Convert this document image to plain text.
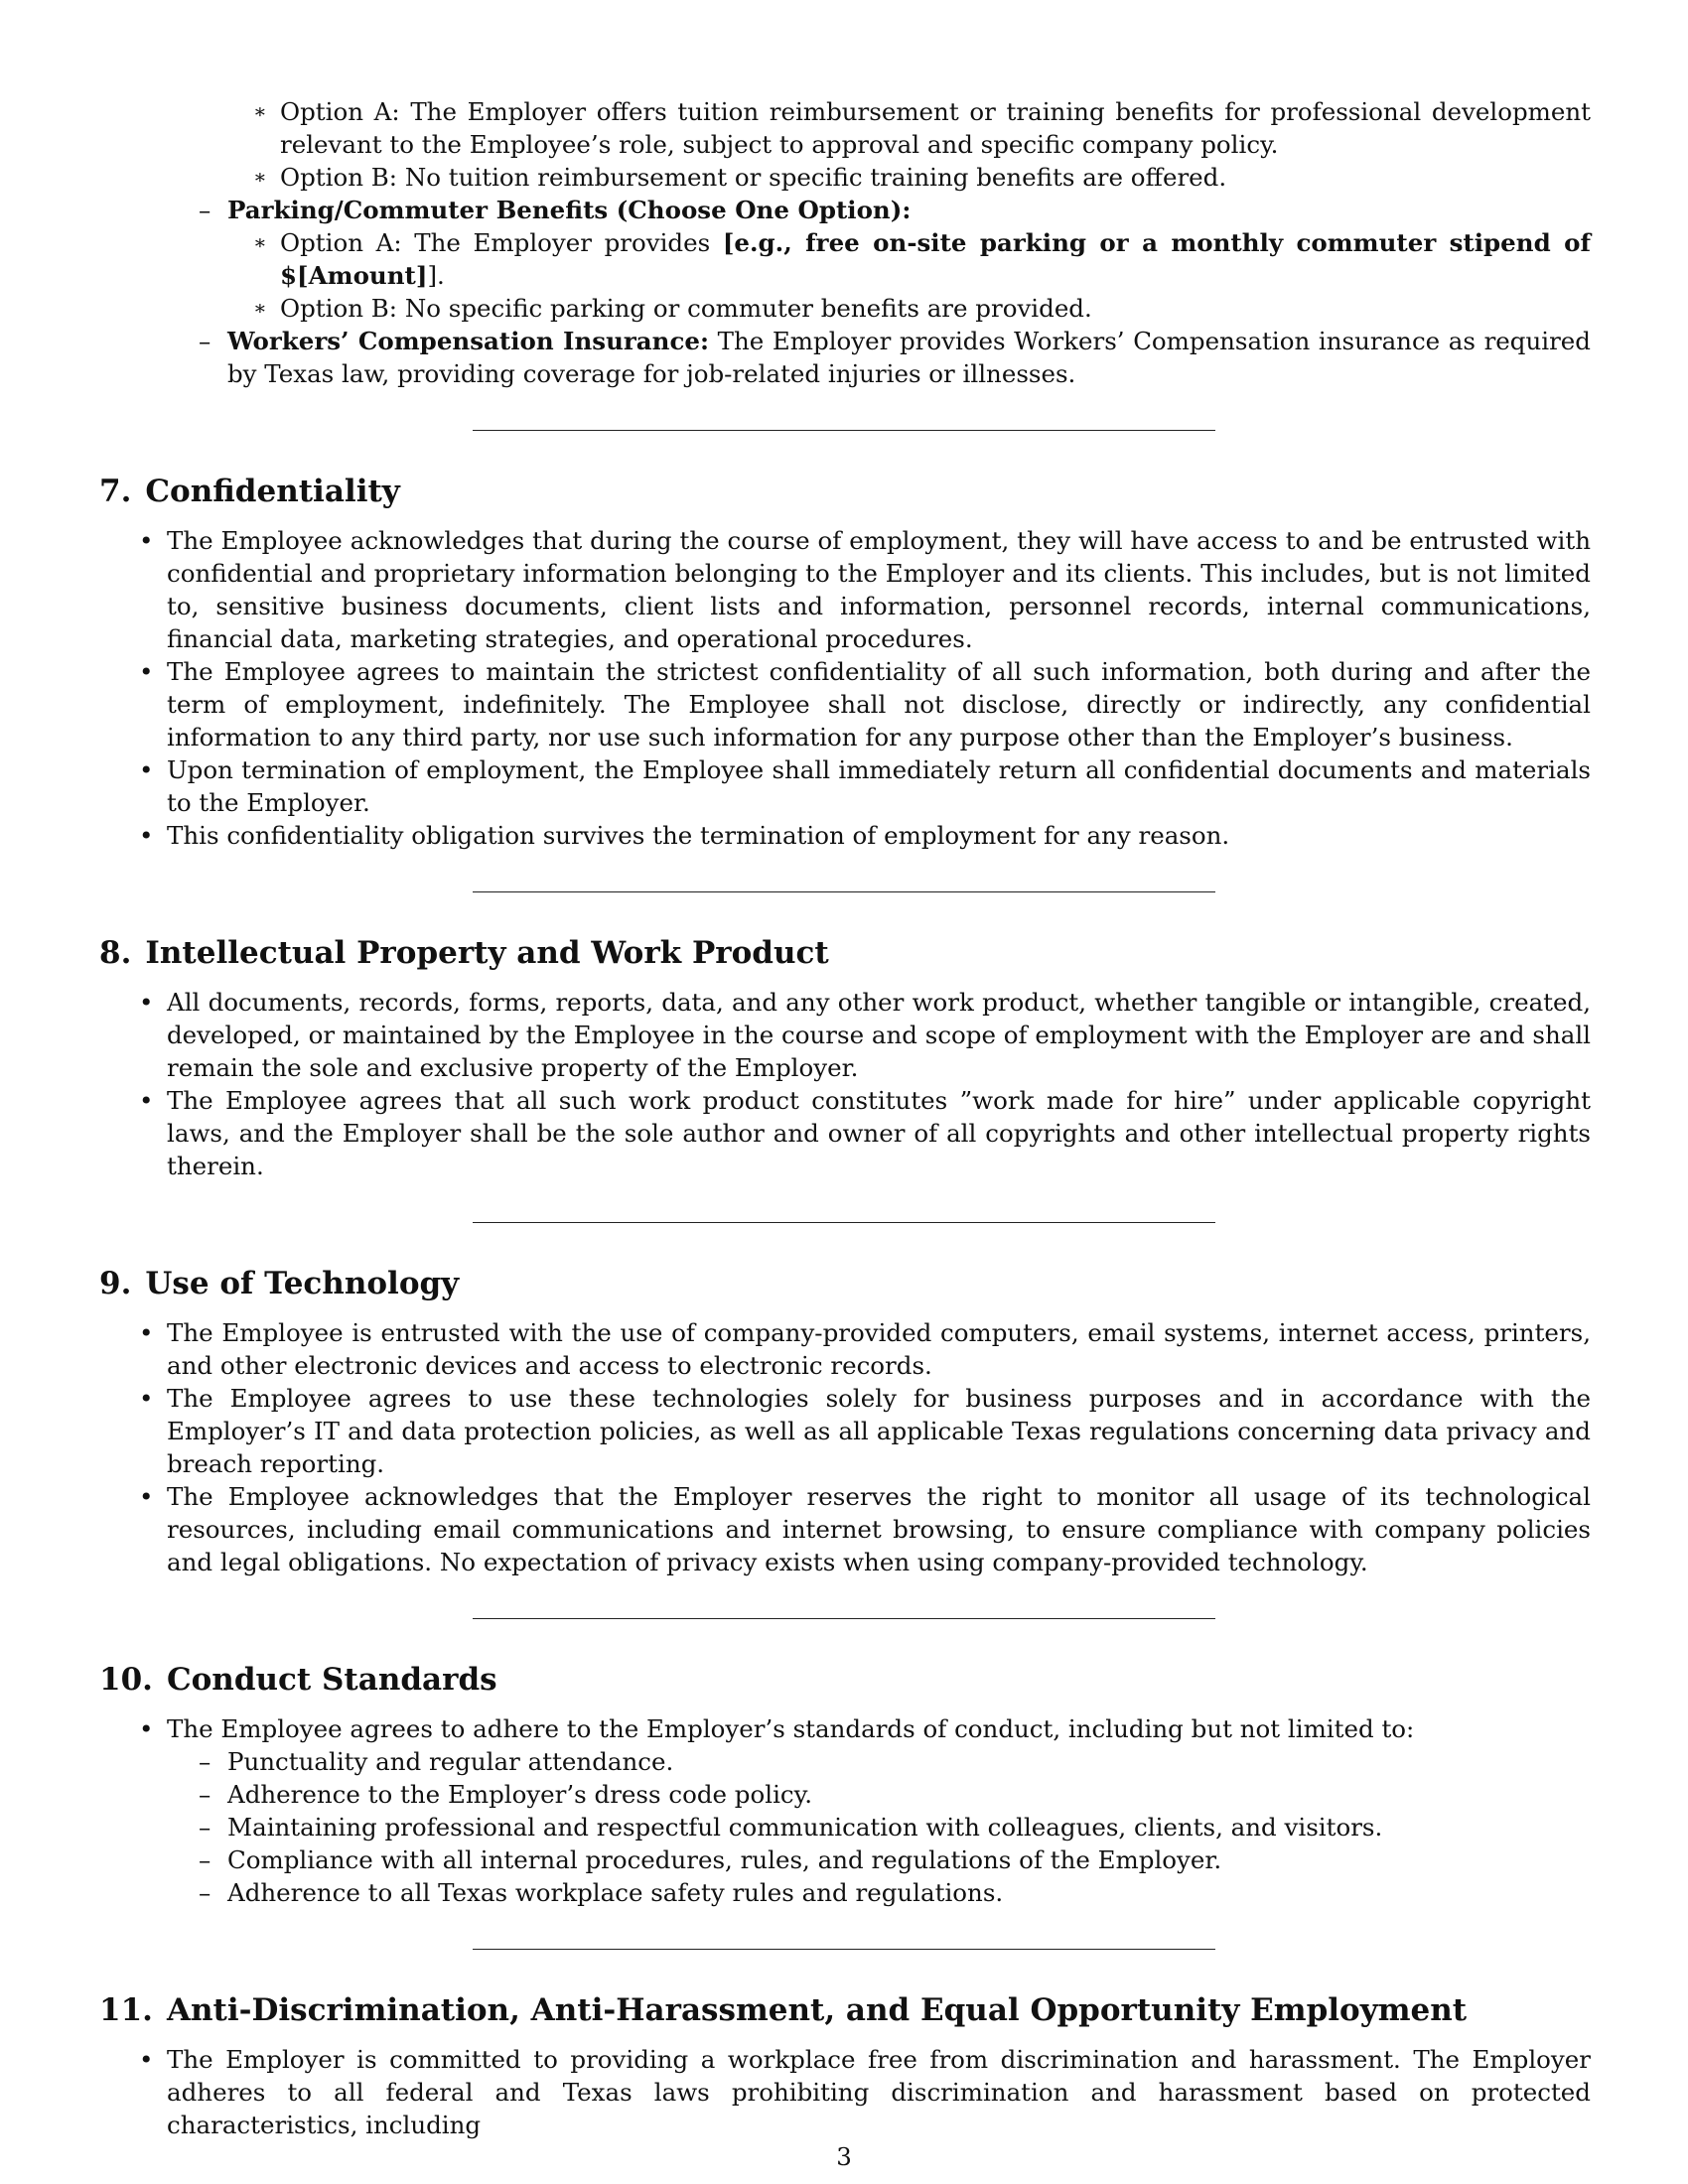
∗ Option A: The Employer offers tuition reimbursement or training benefits for professional development relevant to the Employee’s role, subject to approval and specific company policy.
∗ Option B: No tuition reimbursement or specific training benefits are offered.
– Parking/Commuter Benefits (Choose One Option):
∗ Option A: The Employer provides [e.g., free on-site parking or a monthly commuter stipend of $[Amount]].
∗ Option B: No specific parking or commuter benefits are provided.
– Workers’ Compensation Insurance: The Employer provides Workers’ Compensation insurance as required by Texas law, providing coverage for job-related injuries or illnesses.
7. Confidentiality
• The Employee acknowledges that during the course of employment, they will have access to and be entrusted with confidential and proprietary information belonging to the Employer and its clients. This includes, but is not limited to, sensitive business documents, client lists and information, personnel records, internal communications, financial data, marketing strategies, and operational procedures.
• The Employee agrees to maintain the strictest confidentiality of all such information, both during and after the term of employment, indefinitely. The Employee shall not disclose, directly or indirectly, any confidential information to any third party, nor use such information for any purpose other than the Employer’s business.
• Upon termination of employment, the Employee shall immediately return all confidential documents and materials to the Employer.
• This confidentiality obligation survives the termination of employment for any reason.
8. Intellectual Property and Work Product
• All documents, records, forms, reports, data, and any other work product, whether tangible or intangible, created, developed, or maintained by the Employee in the course and scope of employment with the Employer are and shall remain the sole and exclusive property of the Employer.
• The Employee agrees that all such work product constitutes ”work made for hire” under applicable copyright laws, and the Employer shall be the sole author and owner of all copyrights and other intellectual property rights therein.
9. Use of Technology
• The Employee is entrusted with the use of company-provided computers, email systems, internet access, printers, and other electronic devices and access to electronic records.
• The Employee agrees to use these technologies solely for business purposes and in accordance with the Employer’s IT and data protection policies, as well as all applicable Texas regulations concerning data privacy and breach reporting.
• The Employee acknowledges that the Employer reserves the right to monitor all usage of its technological resources, including email communications and internet browsing, to ensure compliance with company policies and legal obligations. No expectation of privacy exists when using company-provided technology.
10. Conduct Standards
• The Employee agrees to adhere to the Employer’s standards of conduct, including but not limited to:
– Punctuality and regular attendance.
– Adherence to the Employer’s dress code policy.
– Maintaining professional and respectful communication with colleagues, clients, and visitors.
– Compliance with all internal procedures, rules, and regulations of the Employer.
– Adherence to all Texas workplace safety rules and regulations.
11. Anti-Discrimination, Anti-Harassment, and Equal Opportunity Employment
• The Employer is committed to providing a workplace free from discrimination and harassment. The Employer adheres to all federal and Texas laws prohibiting discrimination and harassment based on protected characteristics, including
3
